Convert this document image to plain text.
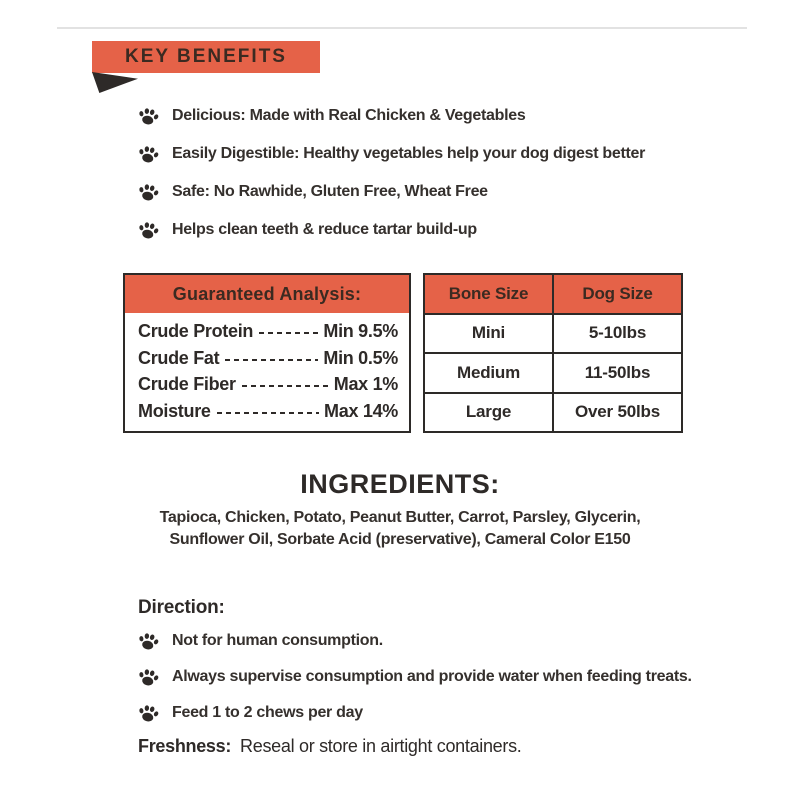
KEY BENEFITS
Delicious: Made with Real Chicken & Vegetables
Easily Digestible: Healthy vegetables help your dog digest better
Safe: No Rawhide, Gluten Free, Wheat Free
Helps clean teeth & reduce tartar build-up
Guaranteed Analysis:
Crude Protein	Min 9.5%
Crude Fat	Min 0.5%
Crude Fiber	Max 1%
Moisture	Max 14%
Bone Size	Dog Size
Mini	5-10lbs
Medium	11-50lbs
Large	Over 50lbs
INGREDIENTS:
Tapioca, Chicken, Potato, Peanut Butter, Carrot, Parsley, Glycerin,
Sunflower Oil, Sorbate Acid (preservative), Cameral Color E150
Direction:
Not for human consumption.
Always supervise consumption and provide water when feeding treats.
Feed 1 to 2 chews per day
Freshness: Reseal or store in airtight containers.
